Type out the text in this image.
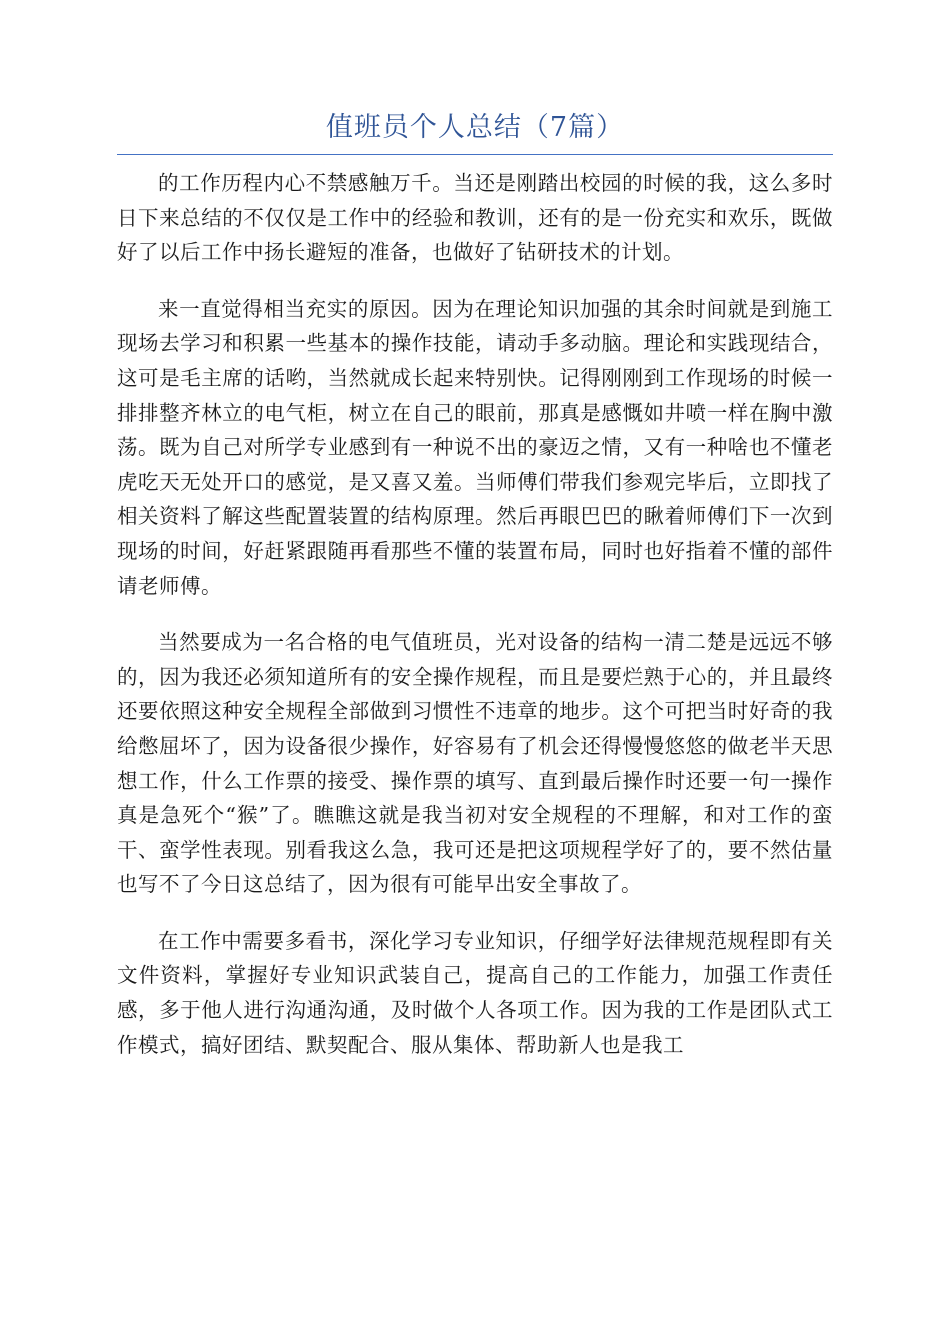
值班员个人总结（7篇）

的工作历程内心不禁感触万千。当还是刚踏出校园的时候的我，这么多时日下来总结的不仅仅是工作中的经验和教训，还有的是一份充实和欢乐，既做好了以后工作中扬长避短的准备，也做好了钻研技术的计划。

来一直觉得相当充实的原因。因为在理论知识加强的其余时间就是到施工现场去学习和积累一些基本的操作技能，请动手多动脑。理论和实践现结合，这可是毛主席的话哟，当然就成长起来特别快。记得刚刚到工作现场的时候一排排整齐林立的电气柜，树立在自己的眼前，那真是感慨如井喷一样在胸中激荡。既为自己对所学专业感到有一种说不出的豪迈之情，又有一种啥也不懂老虎吃天无处开口的感觉，是又喜又羞。当师傅们带我们参观完毕后，立即找了相关资料了解这些配置装置的结构原理。然后再眼巴巴的瞅着师傅们下一次到现场的时间，好赶紧跟随再看那些不懂的装置布局，同时也好指着不懂的部件请老师傅。

当然要成为一名合格的电气值班员，光对设备的结构一清二楚是远远不够的，因为我还必须知道所有的安全操作规程，而且是要烂熟于心的，并且最终还要依照这种安全规程全部做到习惯性不违章的地步。这个可把当时好奇的我给憋屈坏了，因为设备很少操作，好容易有了机会还得慢慢悠悠的做老半天思想工作，什么工作票的接受、操作票的填写、直到最后操作时还要一句一操作真是急死个“猴”了。瞧瞧这就是我当初对安全规程的不理解，和对工作的蛮干、蛮学性表现。别看我这么急，我可还是把这项规程学好了的，要不然估量也写不了今日这总结了，因为很有可能早出安全事故了。

在工作中需要多看书，深化学习专业知识，仔细学好法律规范规程即有关文件资料，掌握好专业知识武装自己，提高自己的工作能力，加强工作责任感，多于他人进行沟通沟通，及时做个人各项工作。因为我的工作是团队式工作模式，搞好团结、默契配合、服从集体、帮助新人也是我工
